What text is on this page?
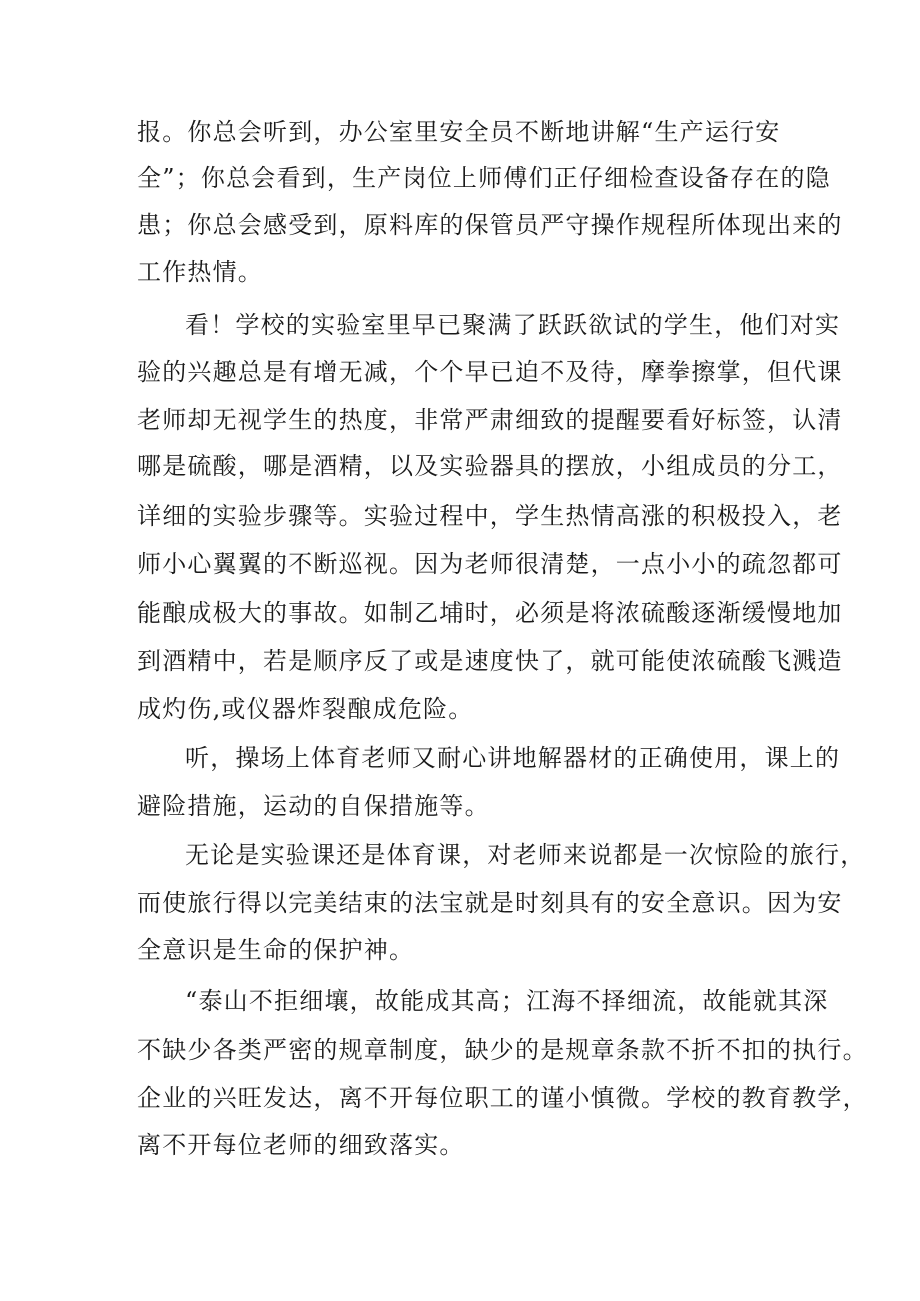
报。你总会听到，办公室里安全员不断地讲解“生产运行安

全”；你总会看到，生产岗位上师傅们正仔细检查设备存在的隐

患；你总会感受到，原料库的保管员严守操作规程所体现出来的

工作热情。

看！学校的实验室里早已聚满了跃跃欲试的学生，他们对实

验的兴趣总是有增无减，个个早已迫不及待，摩拳擦掌，但代课

老师却无视学生的热度，非常严肃细致的提醒要看好标签，认清

哪是硫酸，哪是酒精，以及实验器具的摆放，小组成员的分工，

详细的实验步骤等。实验过程中，学生热情高涨的积极投入，老

师小心翼翼的不断巡视。因为老师很清楚，一点小小的疏忽都可

能酿成极大的事故。如制乙埔时，必须是将浓硫酸逐渐缓慢地加

到酒精中，若是顺序反了或是速度快了，就可能使浓硫酸飞溅造

成灼伤,或仪器炸裂酿成危险。

听，操场上体育老师又耐心讲地解器材的正确使用，课上的

避险措施，运动的自保措施等。

无论是实验课还是体育课，对老师来说都是一次惊险的旅行，

而使旅行得以完美结束的法宝就是时刻具有的安全意识。因为安

全意识是生命的保护神。

“泰山不拒细壤，故能成其高；江海不择细流，故能就其深

不缺少各类严密的规章制度，缺少的是规章条款不折不扣的执行。

企业的兴旺发达，离不开每位职工的谨小慎微。学校的教育教学，

离不开每位老师的细致落实。
